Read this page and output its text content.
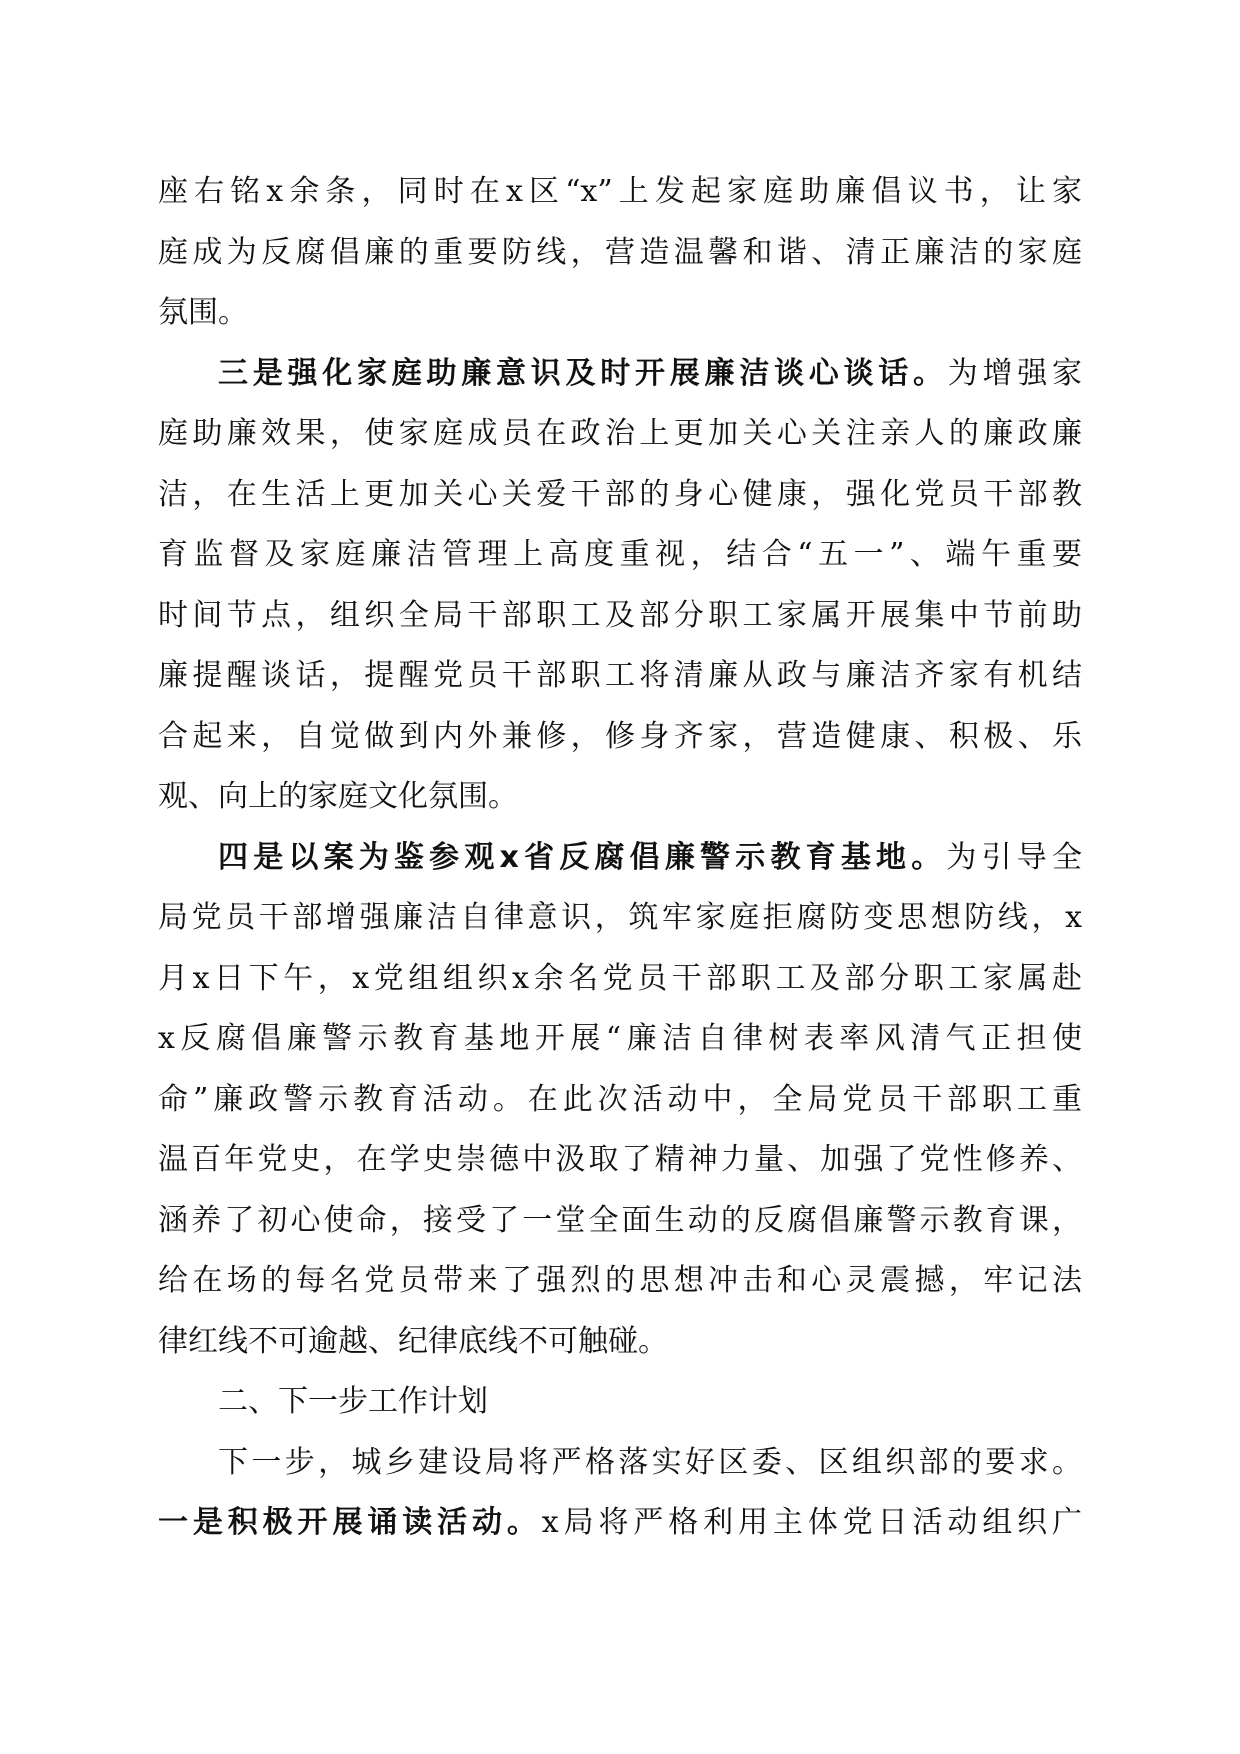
座右铭x余条，同时在x区“x”上发起家庭助廉倡议书，让家
庭成为反腐倡廉的重要防线，营造温馨和谐、清正廉洁的家庭
氛围。
三是强化家庭助廉意识及时开展廉洁谈心谈话。为增强家
庭助廉效果，使家庭成员在政治上更加关心关注亲人的廉政廉
洁，在生活上更加关心关爱干部的身心健康，强化党员干部教
育监督及家庭廉洁管理上高度重视，结合“五一”、端午重要
时间节点，组织全局干部职工及部分职工家属开展集中节前助
廉提醒谈话，提醒党员干部职工将清廉从政与廉洁齐家有机结
合起来，自觉做到内外兼修，修身齐家，营造健康、积极、乐
观、向上的家庭文化氛围。
四是以案为鉴参观x省反腐倡廉警示教育基地。为引导全
局党员干部增强廉洁自律意识，筑牢家庭拒腐防变思想防线，x
月x日下午，x党组组织x余名党员干部职工及部分职工家属赴
x反腐倡廉警示教育基地开展“廉洁自律树表率风清气正担使
命”廉政警示教育活动。在此次活动中，全局党员干部职工重
温百年党史，在学史崇德中汲取了精神力量、加强了党性修养、
涵养了初心使命，接受了一堂全面生动的反腐倡廉警示教育课，
给在场的每名党员带来了强烈的思想冲击和心灵震撼，牢记法
律红线不可逾越、纪律底线不可触碰。
二、下一步工作计划
下一步，城乡建设局将严格落实好区委、区组织部的要求。
一是积极开展诵读活动。x局将严格利用主体党日活动组织广
